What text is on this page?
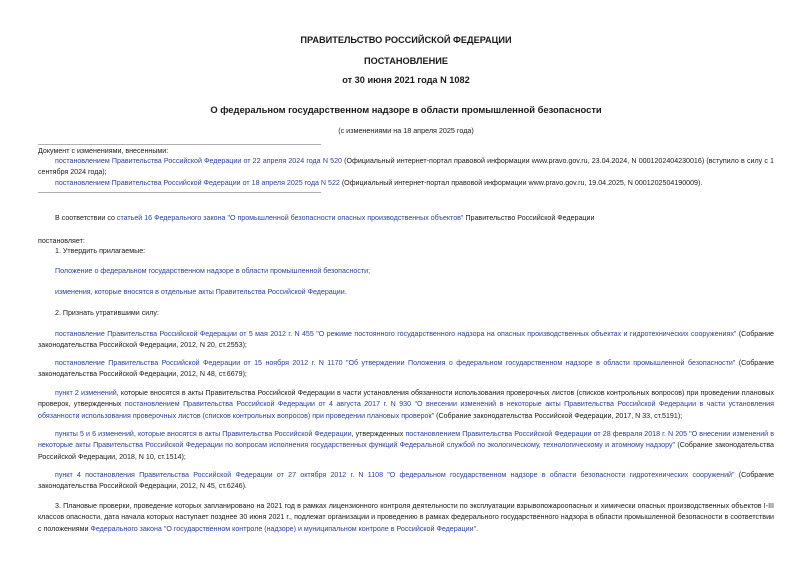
ПРАВИТЕЛЬСТВО РОССИЙСКОЙ ФЕДЕРАЦИИ
ПОСТАНОВЛЕНИЕ
от 30 июня 2021 года N 1082
О федеральном государственном надзоре в области промышленной безопасности
(с изменениями на 18 апреля 2025 года)
Документ с изменениями, внесенными:
постановлением Правительства Российской Федерации от 22 апреля 2024 года N 520 (Официальный интернет-портал правовой информации www.pravo.gov.ru, 23.04.2024, N 0001202404230016) (вступило в силу с 1 сентября 2024 года);
постановлением Правительства Российской Федерации от 18 апреля 2025 года N 522 (Официальный интернет-портал правовой информации www.pravo.gov.ru, 19.04.2025, N 0001202504190009).
В соответствии со статьей 16 Федерального закона "О промышленной безопасности опасных производственных объектов" Правительство Российской Федерации
постановляет:
1. Утвердить прилагаемые:
Положение о федеральном государственном надзоре в области промышленной безопасности;
изменения, которые вносятся в отдельные акты Правительства Российской Федерации.
2. Признать утратившими силу:
постановление Правительства Российской Федерации от 5 мая 2012 г. N 455 "О режиме постоянного государственного надзора на опасных производственных объектах и гидротехнических сооружениях" (Собрание законодательства Российской Федерации, 2012, N 20, ст.2553);
постановление Правительства Российской Федерации от 15 ноября 2012 г. N 1170 "Об утверждении Положения о федеральном государственном надзоре в области промышленной безопасности" (Собрание законодательства Российской Федерации, 2012, N 48, ст.6679);
пункт 2 изменений, которые вносятся в акты Правительства Российской Федерации в части установления обязанности использования проверочных листов (списков контрольных вопросов) при проведении плановых проверок, утвержденных постановлением Правительства Российской Федерации от 4 августа 2017 г. N 930 "О внесении изменений в некоторые акты Правительства Российской Федерации в части установления обязанности использования проверочных листов (списков контрольных вопросов) при проведении плановых проверок" (Собрание законодательства Российской Федерации, 2017, N 33, ст.5191);
пункты 5 и 6 изменений, которые вносятся в акты Правительства Российской Федерации, утвержденных постановлением Правительства Российской Федерации от 28 февраля 2018 г. N 205 "О внесении изменений в некоторые акты Правительства Российской Федерации по вопросам исполнения государственных функций Федеральной службой по экологическому, технологическому и атомному надзору" (Собрание законодательства Российской Федерации, 2018, N 10, ст.1514);
пункт 4 постановления Правительства Российской Федерации от 27 октября 2012 г. N 1108 "О федеральном государственном надзоре в области безопасности гидротехнических сооружений" (Собрание законодательства Российской Федерации, 2012, N 45, ст.6246).
3. Плановые проверки, проведение которых запланировано на 2021 год в рамках лицензионного контроля деятельности по эксплуатации взрывопожароопасных и химически опасных производственных объектов I-III классов опасности, дата начала которых наступает позднее 30 июня 2021 г., подлежат организации и проведению в рамках федерального государственного надзора в области промышленной безопасности в соответствии с положениями Федерального закона "О государственном контроле (надзоре) и муниципальном контроле в Российской Федерации".
